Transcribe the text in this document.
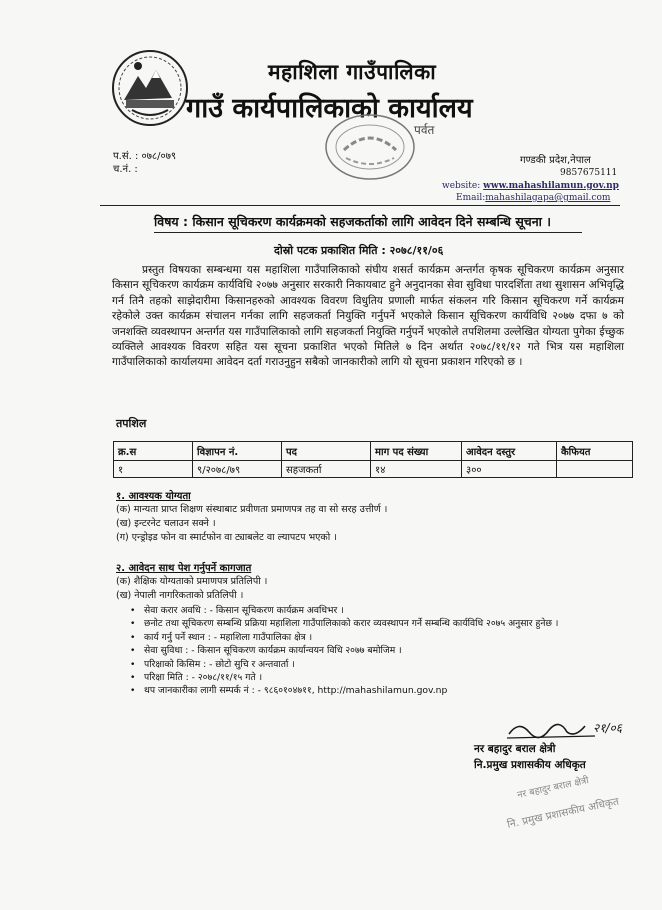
महाशिला गाउँपालिका
गाउँ कार्यपालिकाको कार्यालय
पर्वत
प.सं. : ०७८/०७९
च.नं. :
गण्डकी प्रदेश,नेपाल
9857675111
website: www.mahashilamun.gov.np
Email:mahashilagapa@gmail.com
विषय : किसान सूचिकरण कार्यक्रमको सहजकर्ताको लागि आवेदन दिने सम्बन्धि सूचना ।
दोस्रो पटक प्रकाशित मिति : २०७८/११/०६
प्रस्तुत विषयका सम्बन्धमा यस महाशिला गाउँपालिकाको संघीय शसर्त कार्यक्रम अन्तर्गत कृषक सूचिकरण कार्यक्रम अनुसार किसान सूचिकरण कार्यक्रम कार्यविधि २०७७ अनुसार सरकारी निकायबाट हुने अनुदानका सेवा सुविधा पारदर्शिता तथा सुशासन अभिवृद्धि गर्न तिनै तहको साझेदारीमा किसानहरुको आवश्यक विवरण विधुतिय प्रणाली मार्फत संकलन गरि किसान सूचिकरण गर्ने कार्यक्रम रहेकोले उक्त कार्यक्रम संचालन गर्नका लागि सहजकर्ता नियुक्ति गर्नुपर्ने भएकोले किसान सूचिकरण कार्यविधि २०७७ दफा ७ को जनशक्ति व्यवस्थापन अन्तर्गत यस गाउँपालिकाको लागि सहजकर्ता नियुक्ति गर्नुपर्ने भएकोले तपशिलमा उल्लेखित योग्यता पुगेका ईच्छुक व्यक्तिले आवश्यक विवरण सहित यस सूचना प्रकाशित भएको मितिले ७ दिन अर्थात २०७८/११/१२ गते भित्र यस महाशिला गाउँपालिकाको कार्यालयमा आवेदन दर्ता गराउनुहुन सबैको जानकारीको लागि यो सूचना प्रकाशन गरिएको छ ।
तपशिल
क्र.स	विज्ञापन नं.	पद	माग पद संख्या	आवेदन दस्तुर	कैफियत
१	९/२०७८/७९	सहजकर्ता	१४	३००	
१. आवश्यक योग्यता
(क) मान्यता प्राप्त शिक्षण संस्थाबाट प्रवीणता प्रमाणपत्र तह वा सो सरह उत्तीर्ण ।
(ख) इन्टरनेट चलाउन सक्ने ।
(ग) एन्ड्रोइड फोन वा स्मार्टफोन वा ट्याबलेट वा ल्यापटप भएको ।
२. आवेदन साथ पेश गर्नुपर्ने कागजात
(क) शैक्षिक योग्यताको प्रमाणपत्र प्रतिलिपी ।
(ख) नेपाली नागरिकताको प्रतिलिपी ।
• सेवा करार अवधि : - किसान सूचिकरण कार्यक्रम अवधिभर ।
• छनोट तथा सूचिकरण सम्बन्धि प्रक्रिया महाशिला गाउँपालिकाको करार व्यवस्थापन गर्ने सम्बन्धि कार्यविधि २०७५ अनुसार हुनेछ ।
• कार्य गर्नु पर्ने स्थान : - महाशिला गाउँपालिका क्षेत्र ।
• सेवा सुविधा : - किसान सूचिकरण कार्यक्रम कार्यान्वयन विधि २०७७ बमोजिम ।
• परिक्षाको किसिम : - छोटो सुचि र अन्तवार्ता ।
• परिक्षा मिति : - २०७८/११/१५ गते ।
• थप जानकारीका लागी सम्पर्क नं : - ९८६०१०४७११, http://mahashilamun.gov.np
२१/०६
नर बहादुर बराल क्षेत्री
नि.प्रमुख प्रशासकीय अधिकृत
नर बहादुर बराल क्षेत्री
नि. प्रमुख प्रशासकीय अधिकृत
